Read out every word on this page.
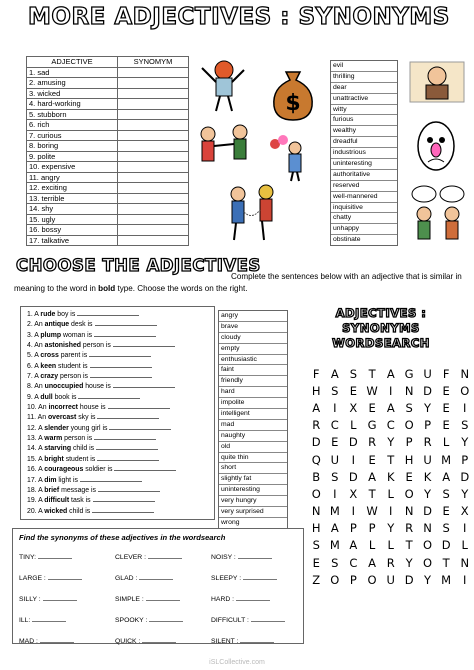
MORE ADJECTIVES : SYNONYMS
ADJECTIVE	SYNOMYM
1. sad	
2. amusing	
3. wicked	
4. hard-working	
5. stubborn	
6. rich	
7. curious	
8. boring	
9. polite	
10. expensive	
11. angry	
12. exciting	
13. terrible	
14. shy	
15. ugly	
16. bossy	
17. talkative	
$
evil
thrilling
dear
unattractive
witty
furious
wealthy
dreadful
industrious
uninteresting
authoritative
reserved
well-mannered
inquisitive
chatty
unhappy
obstinate
CHOOSE THE ADJECTIVES
Complete the sentences below with an adjective that is similar in meaning to the word in bold type. Choose the words on the right.
1. A rude boy is
2. An antique desk is
3. A plump woman is
4. An astonished person is
5. A cross parent is
6. A keen student is
7. A crazy person is
8. An unoccupied house is
9. A dull book is
10. An incorrect house is
11. An overcast sky is
12. A slender young girl is
13. A warm person is
14. A starving child is
15. A bright student is
16. A courageous soldier is
17. A dim light is
18. A brief message is
19. A difficult task is
20. A wicked child is
angry
brave
cloudy
empty
enthusiastic
faint
friendly
hard
impolite
intelligent
mad
naughty
old
quite thin
short
slightly fat
uninteresting
very hungry
very surprised
wrong
ADJECTIVES :
SYNONYMS
WORDSEARCH
F	A	S	T	A	G	U	F	N
H	S	E	W	I	N	D	E	O
A	I	X	E	A	S	Y	E	I
R	C	L	G	C	O	P	E	S
D	E	D	R	Y	P	R	L	Y
Q	U	I	E	T	H	U	M	P
B	S	D	A	K	E	K	A	D
O	I	X	T	L	O	Y	S	Y
N	M	I	W	I	N	D	E	X
H	A	P	P	Y	R	N	S	I
S	M	A	L	L	T	O	D	L
E	S	C	A	R	Y	O	T	N
Z	O	P	O	U	D	Y	M	I
Find the synonyms of these adjectives in the wordsearch
TINY:	CLEVER :	NOISY :
LARGE :	GLAD :	SLEEPY :
SILLY :	SIMPLE :	HARD :
ILL:	SPOOKY :	DIFFICULT :
MAD :	QUICK :	SILENT :
iSLCollective.com
